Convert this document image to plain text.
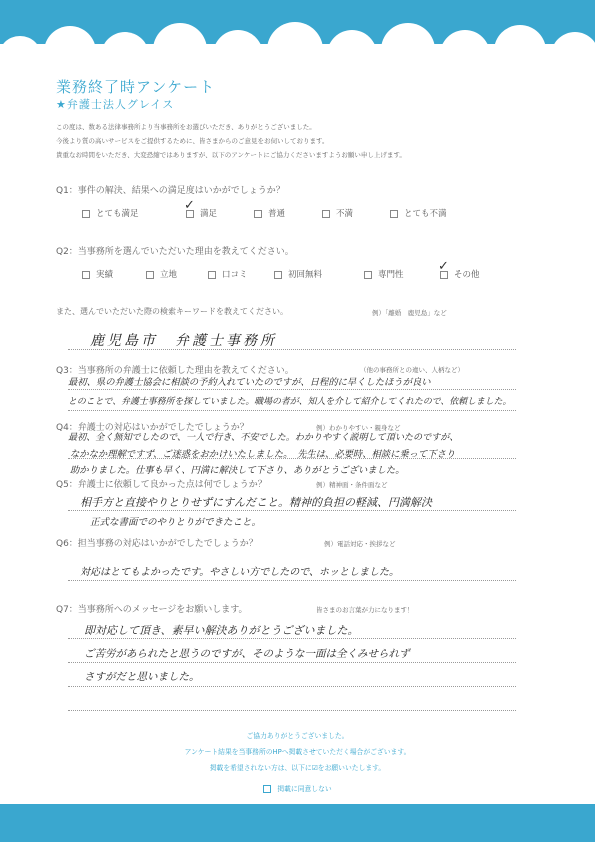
業務終了時アンケート
★弁護士法人グレイス
この度は、数ある法律事務所より当事務所をお選びいただき、ありがとうございました。
今後より質の高いサービスをご提供するために、皆さまからのご意見をお伺いしております。
貴重なお時間をいただき、大変恐縮ではありますが、以下のアンケートにご協力くださいますようお願い申し上げます。
Q1：事件の解決、結果への満足度はいかがでしょうか？
とても満足	満足	普通	不満	とても不満
✓
Q2：当事務所を選んでいただいた理由を教えてください。
実績	立地	口コミ	初回無料	専門性	その他
✓
また、選んでいただいた際の検索キーワードを教えてください。	例）「離婚　鹿児島」など
鹿児島市　弁護士事務所
Q3：当事務所の弁護士に依頼した理由を教えてください。	（他の事務所との違い、人柄など）
最初、県の弁護士協会に相談の予約入れていたのですが、日程的に早くしたほうが良い
とのことで、弁護士事務所を探していました。職場の者が、知人を介して紹介してくれたので、依頼しました。
Q4：弁護士の対応はいかがでしたでしょうか？	例）わかりやすい・親身など
最初、全く無知でしたので、一人で行き、不安でした。わかりやすく説明して頂いたのですが、
なかなか理解ですず、ご迷惑をおかけいたしました。　先生は、必要時、相談に乗って下さり
助かりました。仕事も早く、円満に解決して下さり、ありがとうございました。
Q5：弁護士に依頼して良かった点は何でしょうか？	例）精神面・条件面など
相手方と直接やりとりせずにすんだこと。精神的負担の軽減、円満解決
正式な書面でのやりとりができたこと。
Q6：担当事務の対応はいかがでしたでしょうか？	例）電話対応・挨拶など
対応はとてもよかったです。やさしい方でしたので、ホッとしました。
Q7：当事務所へのメッセージをお願いします。	皆さまのお言葉が力になります！
即対応して頂き、素早い解決ありがとうございました。
ご苦労があられたと思うのですが、そのような一面は全くみせられず
さすがだと思いました。
ご協力ありがとうございました。
アンケート結果を当事務所のHPへ掲載させていただく場合がございます。
掲載を希望されない方は、以下に☑をお願いいたします。
掲載に同意しない
